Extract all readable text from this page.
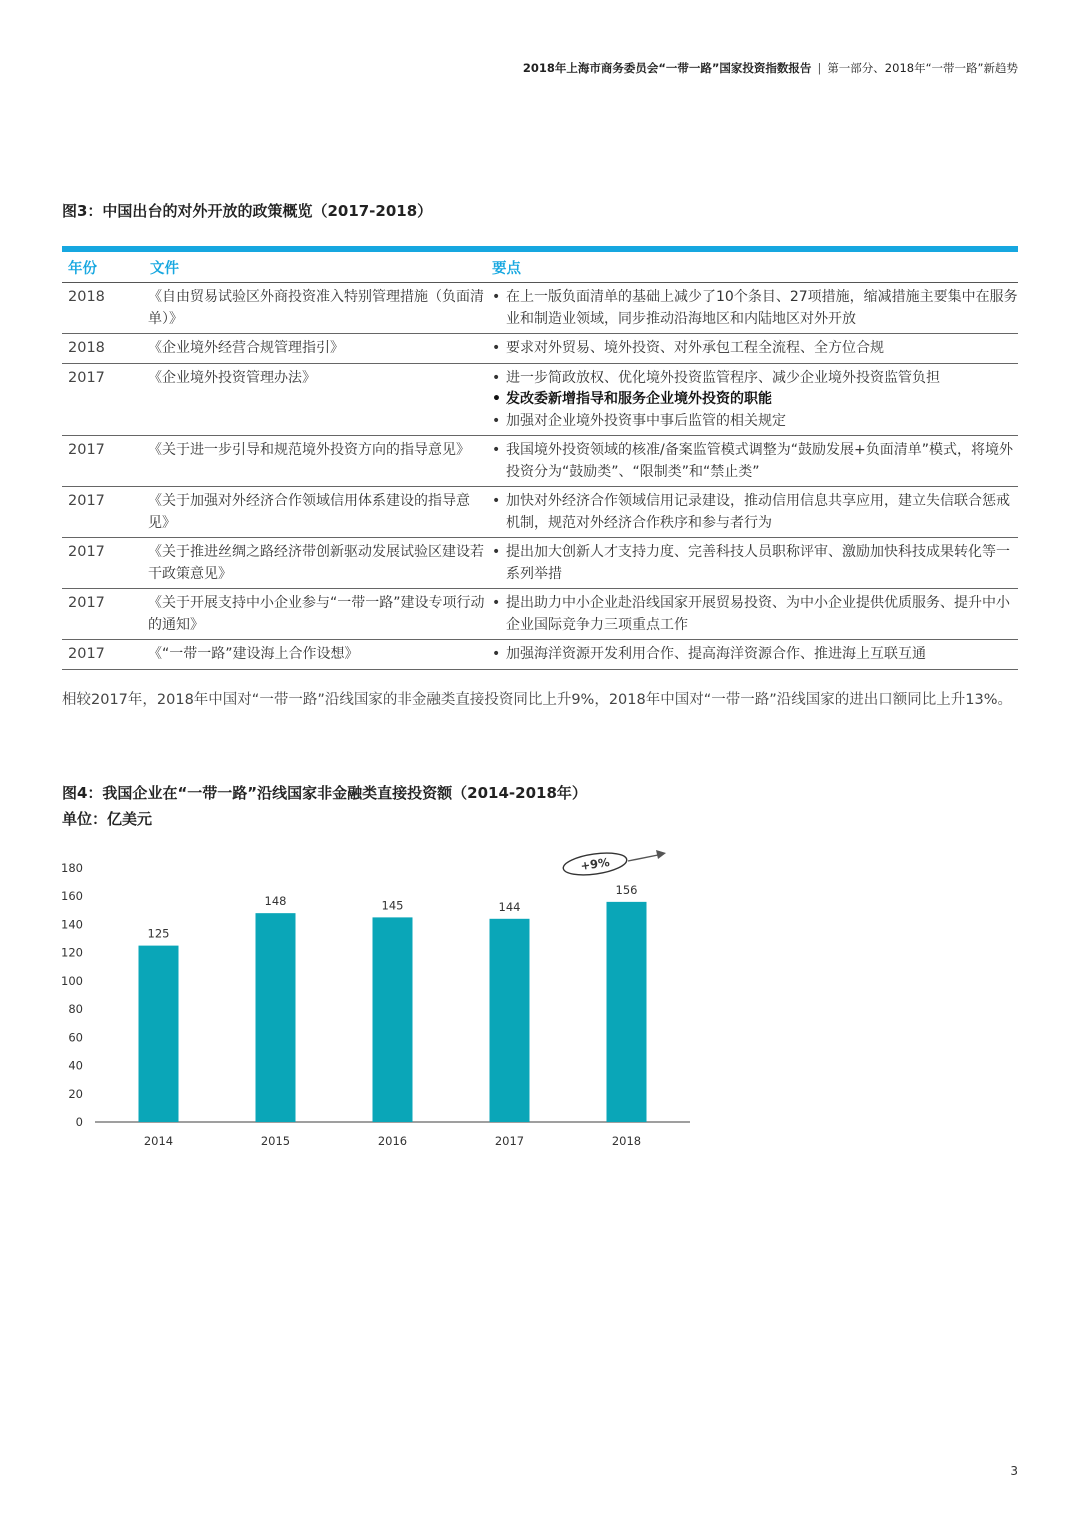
2018年上海市商务委员会“一带一路”国家投资指数报告 | 第一部分、2018年“一带一路”新趋势
图3：中国出台的对外开放的政策概览（2017-2018）
年份	文件	要点
2018	《自由贸易试验区外商投资准入特别管理措施（负面清单）》	• 在上一版负面清单的基础上减少了10个条目、27项措施，缩减措施主要集中在服务业和制造业领域，同步推动沿海地区和内陆地区对外开放

2018	《企业境外经营合规管理指引》	• 要求对外贸易、境外投资、对外承包工程全流程、全方位合规

2017	《企业境外投资管理办法》	• 进一步简政放权、优化境外投资监管程序、减少企业境外投资监管负担
• 发改委新增指导和服务企业境外投资的职能
• 加强对企业境外投资事中事后监管的相关规定

2017	《关于进一步引导和规范境外投资方向的指导意见》	• 我国境外投资领域的核准/备案监管模式调整为“鼓励发展+负面清单”模式，将境外投资分为“鼓励类”、“限制类”和“禁止类”

2017	《关于加强对外经济合作领域信用体系建设的指导意见》	• 加快对外经济合作领域信用记录建设，推动信用信息共享应用，建立失信联合惩戒机制，规范对外经济合作秩序和参与者行为

2017	《关于推进丝绸之路经济带创新驱动发展试验区建设若干政策意见》	• 提出加大创新人才支持力度、完善科技人员职称评审、激励加快科技成果转化等一系列举措

2017	《关于开展支持中小企业参与“一带一路”建设专项行动的通知》	• 提出助力中小企业赴沿线国家开展贸易投资、为中小企业提供优质服务、提升中小企业国际竞争力三项重点工作

2017	《“一带一路”建设海上合作设想》	• 加强海洋资源开发利用合作、提高海洋资源合作、推进海上互联互通
相较2017年，2018年中国对“一带一路”沿线国家的非金融类直接投资同比上升9%，2018年中国对“一带一路”沿线国家的进出口额同比上升13%。
图4：我国企业在“一带一路”沿线国家非金融类直接投资额（2014-2018年）
单位：亿美元
0
20
40
60
80
100
120
140
160
180
125
2014
148
2015
145
2016
144
2017
156
2018
+9%
3
